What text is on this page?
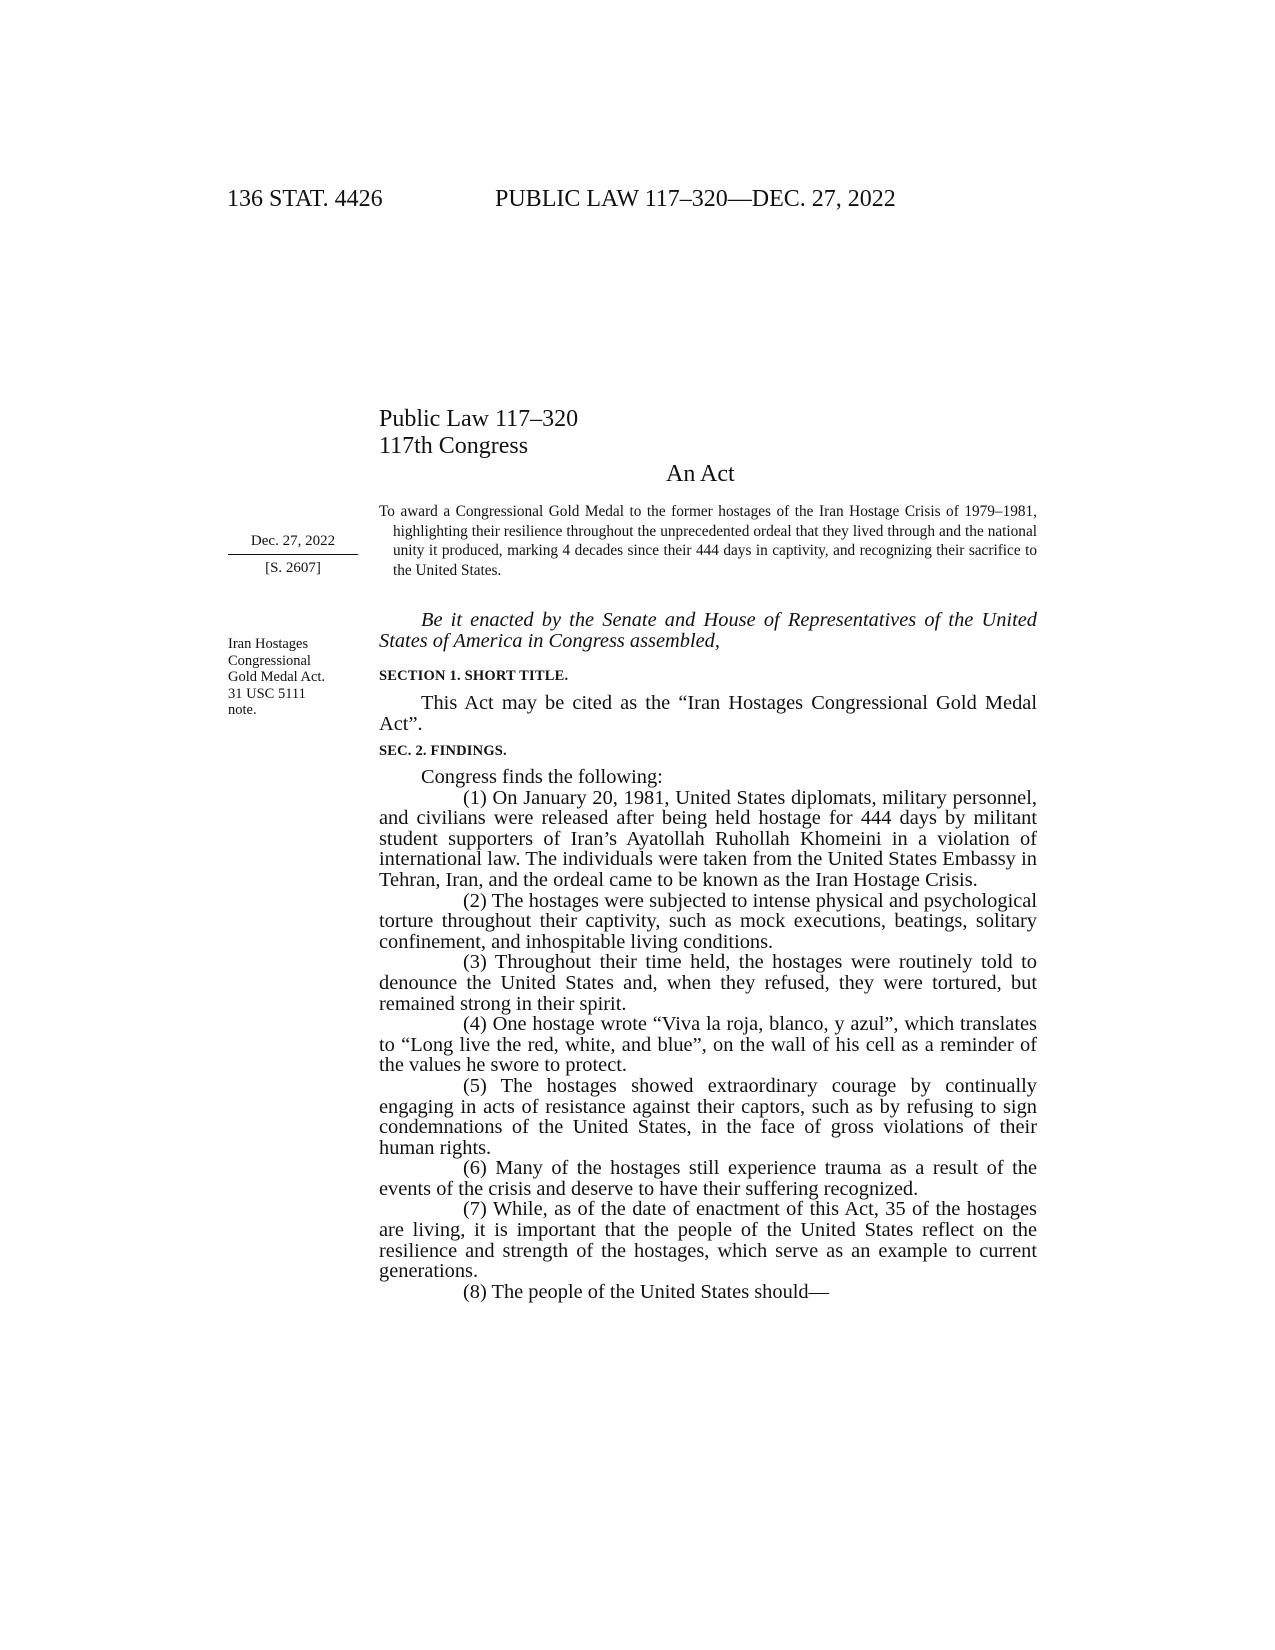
136 STAT. 4426	PUBLIC LAW 117–320—DEC. 27, 2022
Public Law 117–320
117th Congress
An Act

To award a Congressional Gold Medal to the former hostages of the Iran Hostage Crisis of 1979–1981, highlighting their resilience throughout the unprecedented ordeal that they lived through and the national unity it produced, marking 4 decades since their 444 days in captivity, and recognizing their sacrifice to the United States.

Dec. 27, 2022
[S. 2607]

Be it enacted by the Senate and House of Representatives of the United States of America in Congress assembled,

Iran Hostages
Congressional
Gold Medal Act.
31 USC 5111
note.
SECTION 1. SHORT TITLE.

This Act may be cited as the “Iran Hostages Congressional Gold Medal Act”.

SEC. 2. FINDINGS.

Congress finds the following:

(1) On January 20, 1981, United States diplomats, military personnel, and civilians were released after being held hostage for 444 days by militant student supporters of Iran’s Ayatollah Ruhollah Khomeini in a violation of international law. The individuals were taken from the United States Embassy in Tehran, Iran, and the ordeal came to be known as the Iran Hostage Crisis.

(2) The hostages were subjected to intense physical and psychological torture throughout their captivity, such as mock executions, beatings, solitary confinement, and inhospitable living conditions.

(3) Throughout their time held, the hostages were routinely told to denounce the United States and, when they refused, they were tortured, but remained strong in their spirit.

(4) One hostage wrote “Viva la roja, blanco, y azul”, which translates to “Long live the red, white, and blue”, on the wall of his cell as a reminder of the values he swore to protect.

(5) The hostages showed extraordinary courage by continually engaging in acts of resistance against their captors, such as by refusing to sign condemnations of the United States, in the face of gross violations of their human rights.

(6) Many of the hostages still experience trauma as a result of the events of the crisis and deserve to have their suffering recognized.

(7) While, as of the date of enactment of this Act, 35 of the hostages are living, it is important that the people of the United States reflect on the resilience and strength of the hostages, which serve as an example to current generations.

(8) The people of the United States should—
